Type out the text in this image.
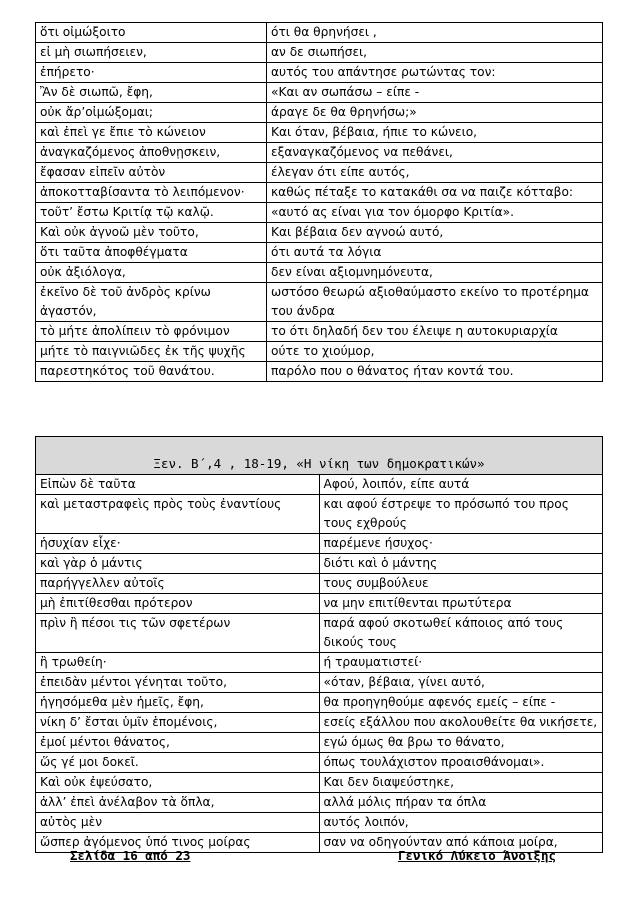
ὅτι οἰμώξοιτο	ότι θα θρηνήσει ,
εἰ μὴ σιωπήσειεν,	αν δε σιωπήσει,
ἐπήρετο·	αυτός του απάντησε ρωτώντας τον:
Ἂν δὲ σιωπῶ, ἔφη,	«Και αν σωπάσω – είπε -
οὐκ ἄρ’οἰμώξομαι;	άραγε δε θα θρηνήσω;»
καὶ ἐπεὶ γε ἔπιε τὸ κώνειον	Και όταν, βέβαια, ήπιε το κώνειο,
ἀναγκαζόμενος ἀποθνῃσκειν,	εξαναγκαζόμενος να πεθάνει,
ἔφασαν εἰπεῖν αὐτὸν	έλεγαν ότι είπε αυτός,
ἀποκοτταβίσαντα τὸ λειπόμενον·	καθώς πέταξε το κατακάθι σα να παιζε κότταβο:
τοῦτ’ ἔστω Κριτίᾳ τῷ καλῷ.	«αυτό ας είναι για τον όμορφο Κριτία».
Καὶ οὐκ ἀγνοῶ μὲν τοῦτο,	Και βέβαια δεν αγνοώ αυτό,
ὅτι ταῦτα ἀποφθέγματα	ότι αυτά τα λόγια
οὐκ ἀξιόλογα,	δεν είναι αξιομνημόνευτα,
ἐκεῖνο δὲ τοῦ ἀνδρὸς κρίνω ἀγαστόν,	ωστόσο θεωρώ αξιοθαύμαστο εκείνο το προτέρημα του άνδρα
τὸ μήτε ἀπολίπειν τὸ φρόνιμον	το ότι δηλαδή δεν του έλειψε η αυτοκυριαρχία
μήτε τὸ παιγνιῶδες ἐκ τῆς ψυχῆς	ούτε το χιούμορ,
παρεστηκότος τοῦ θανάτου.	παρόλο που ο θάνατος ήταν κοντά του.
Ξεν. Β΄,4 , 18-19, «Η νίκη των δημοκρατικών»	
Εἰπὼν δὲ ταῦτα	Αφού, λοιπόν, είπε αυτά
καὶ μεταστραφεὶς πρὸς τοὺς ἐναντίους	και αφού έστρεψε το πρόσωπό του προς τους εχθρούς
ἡσυχίαν εἶχε·	παρέμενε ήσυχος·
καὶ γὰρ ὁ μάντις	διότι καὶ ὁ μάντης
παρήγγελλεν αὐτοῖς	τους συμβούλευε
μὴ ἐπιτίθεσθαι πρότερον	να μην επιτίθενται πρωτύτερα
πρὶν ἢ πέσοι τις τῶν σφετέρων	παρά αφού σκοτωθεί κάποιος από τους δικούς τους
ἢ τρωθείη·	ή τραυματιστεί·
ἐπειδὰν μέντοι γένηται τοῦτο,	«όταν, βέβαια, γίνει αυτό,
ἡγησόμεθα μὲν ἡμεῖς, ἔφη,	θα προηγηθούμε αφενός εμείς – είπε -
νίκη δ’ ἔσται ὑμῖν ἑπομένοις,	εσείς εξάλλου που ακολουθείτε θα νικήσετε,
ἐμοί μέντοι θάνατος,	εγώ όμως θα βρω το θάνατο,
ὥς γέ μοι δοκεῖ.	όπως τουλάχιστον προαισθάνομαι».
Καὶ οὐκ ἐψεύσατο,	Και δεν διαψεύστηκε,
ἀλλ’ ἐπεὶ ἀνέλαβον τὰ ὅπλα,	αλλά μόλις πήραν τα όπλα
αὐτὸς μὲν	αυτός λοιπόν,
ὥσπερ ἀγόμενος ὑπό τινος μοίρας	σαν να οδηγούνταν από κάποια μοίρα,
Σελίδα 16 από 23	Γενικό Λύκειο Άνοιξης
